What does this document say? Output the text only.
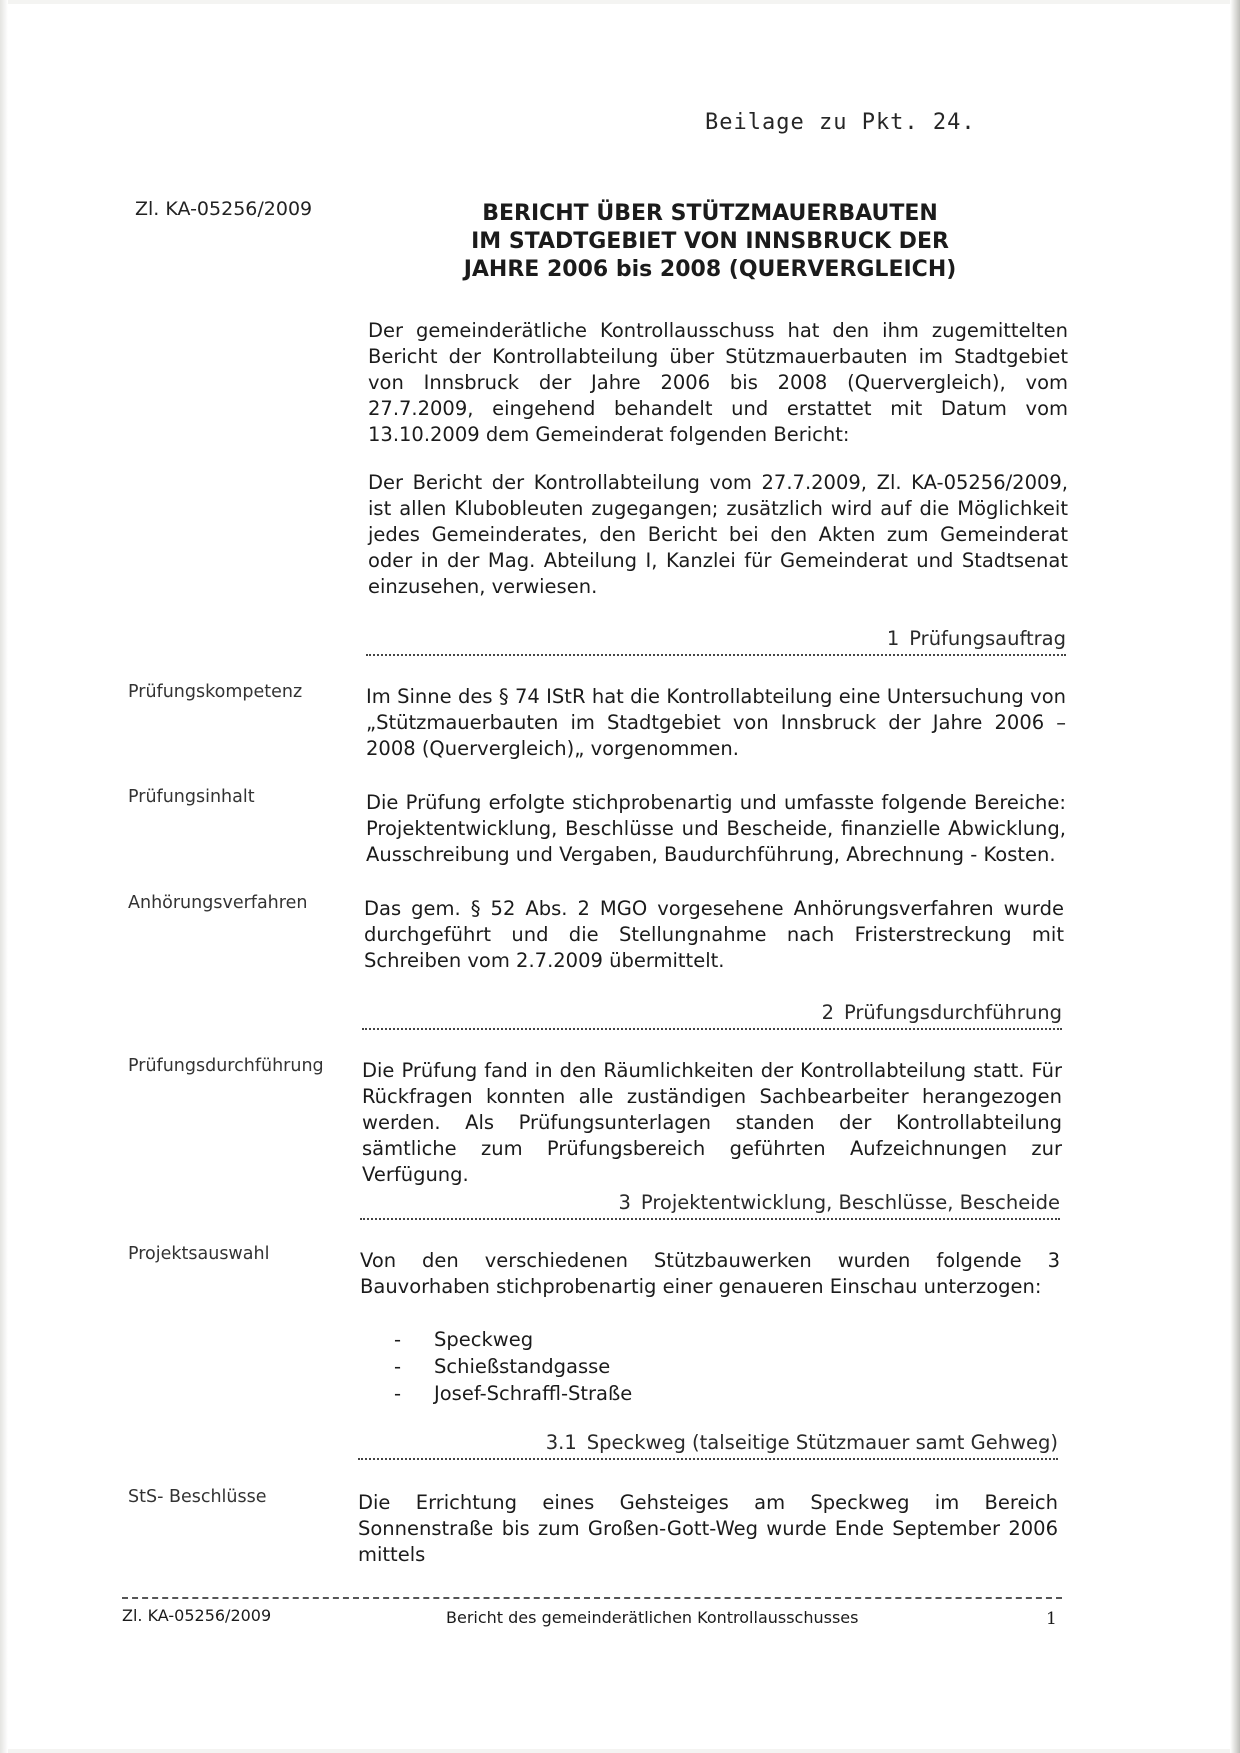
Beilage zu Pkt. 24.
Zl. KA-05256/2009	BERICHT ÜBER STÜTZMAUERBAUTEN
IM STADTGEBIET VON INNSBRUCK DER
JAHRE 2006 bis 2008 (QUERVERGLEICH)
Der gemeinderätliche Kontrollausschuss hat den ihm zugemittelten Bericht der Kontrollabteilung über Stützmauerbauten im Stadtgebiet von Innsbruck der Jahre 2006 bis 2008 (Quervergleich), vom 27.7.2009, eingehend behandelt und erstattet mit Datum vom 13.10.2009 dem Gemeinderat folgenden Bericht:
Der Bericht der Kontrollabteilung vom 27.7.2009, Zl. KA-05256/2009, ist allen Klubobleuten zugegangen; zusätzlich wird auf die Möglichkeit jedes Gemeinderates, den Bericht bei den Akten zum Gemeinderat oder in der Mag. Abteilung I, Kanzlei für Gemeinderat und Stadtsenat einzusehen, verwiesen.
1 Prüfungsauftrag
Prüfungskompetenz	Im Sinne des § 74 IStR hat die Kontrollabteilung eine Untersuchung von „Stützmauerbauten im Stadtgebiet von Innsbruck der Jahre 2006 – 2008 (Quervergleich)„ vorgenommen.
Prüfungsinhalt	Die Prüfung erfolgte stichprobenartig und umfasste folgende Bereiche: Projektentwicklung, Beschlüsse und Bescheide, finanzielle Abwicklung, Ausschreibung und Vergaben, Baudurchführung, Abrechnung - Kosten.
Anhörungsverfahren	Das gem. § 52 Abs. 2 MGO vorgesehene Anhörungsverfahren wurde durchgeführt und die Stellungnahme nach Fristerstreckung mit Schreiben vom 2.7.2009 übermittelt.
2 Prüfungsdurchführung
Prüfungsdurchführung Die Prüfung fand in den Räumlichkeiten der Kontrollabteilung statt. Für Rückfragen konnten alle zuständigen Sachbearbeiter herangezogen werden. Als Prüfungsunterlagen standen der Kontrollabteilung sämtliche zum Prüfungsbereich geführten Aufzeichnungen zur Verfügung.
3 Projektentwicklung, Beschlüsse, Bescheide
Projektsauswahl	Von den verschiedenen Stützbauwerken wurden folgende 3 Bauvorhaben stichprobenartig einer genaueren Einschau unterzogen:
- Speckweg
- Schießstandgasse
- Josef-Schraffl-Straße
3.1 Speckweg (talseitige Stützmauer samt Gehweg)
StS- Beschlüsse	Die Errichtung eines Gehsteiges am Speckweg im Bereich Sonnenstraße bis zum Großen-Gott-Weg wurde Ende September 2006 mittels
Zl. KA-05256/2009	Bericht des gemeinderätlichen Kontrollausschusses	1
